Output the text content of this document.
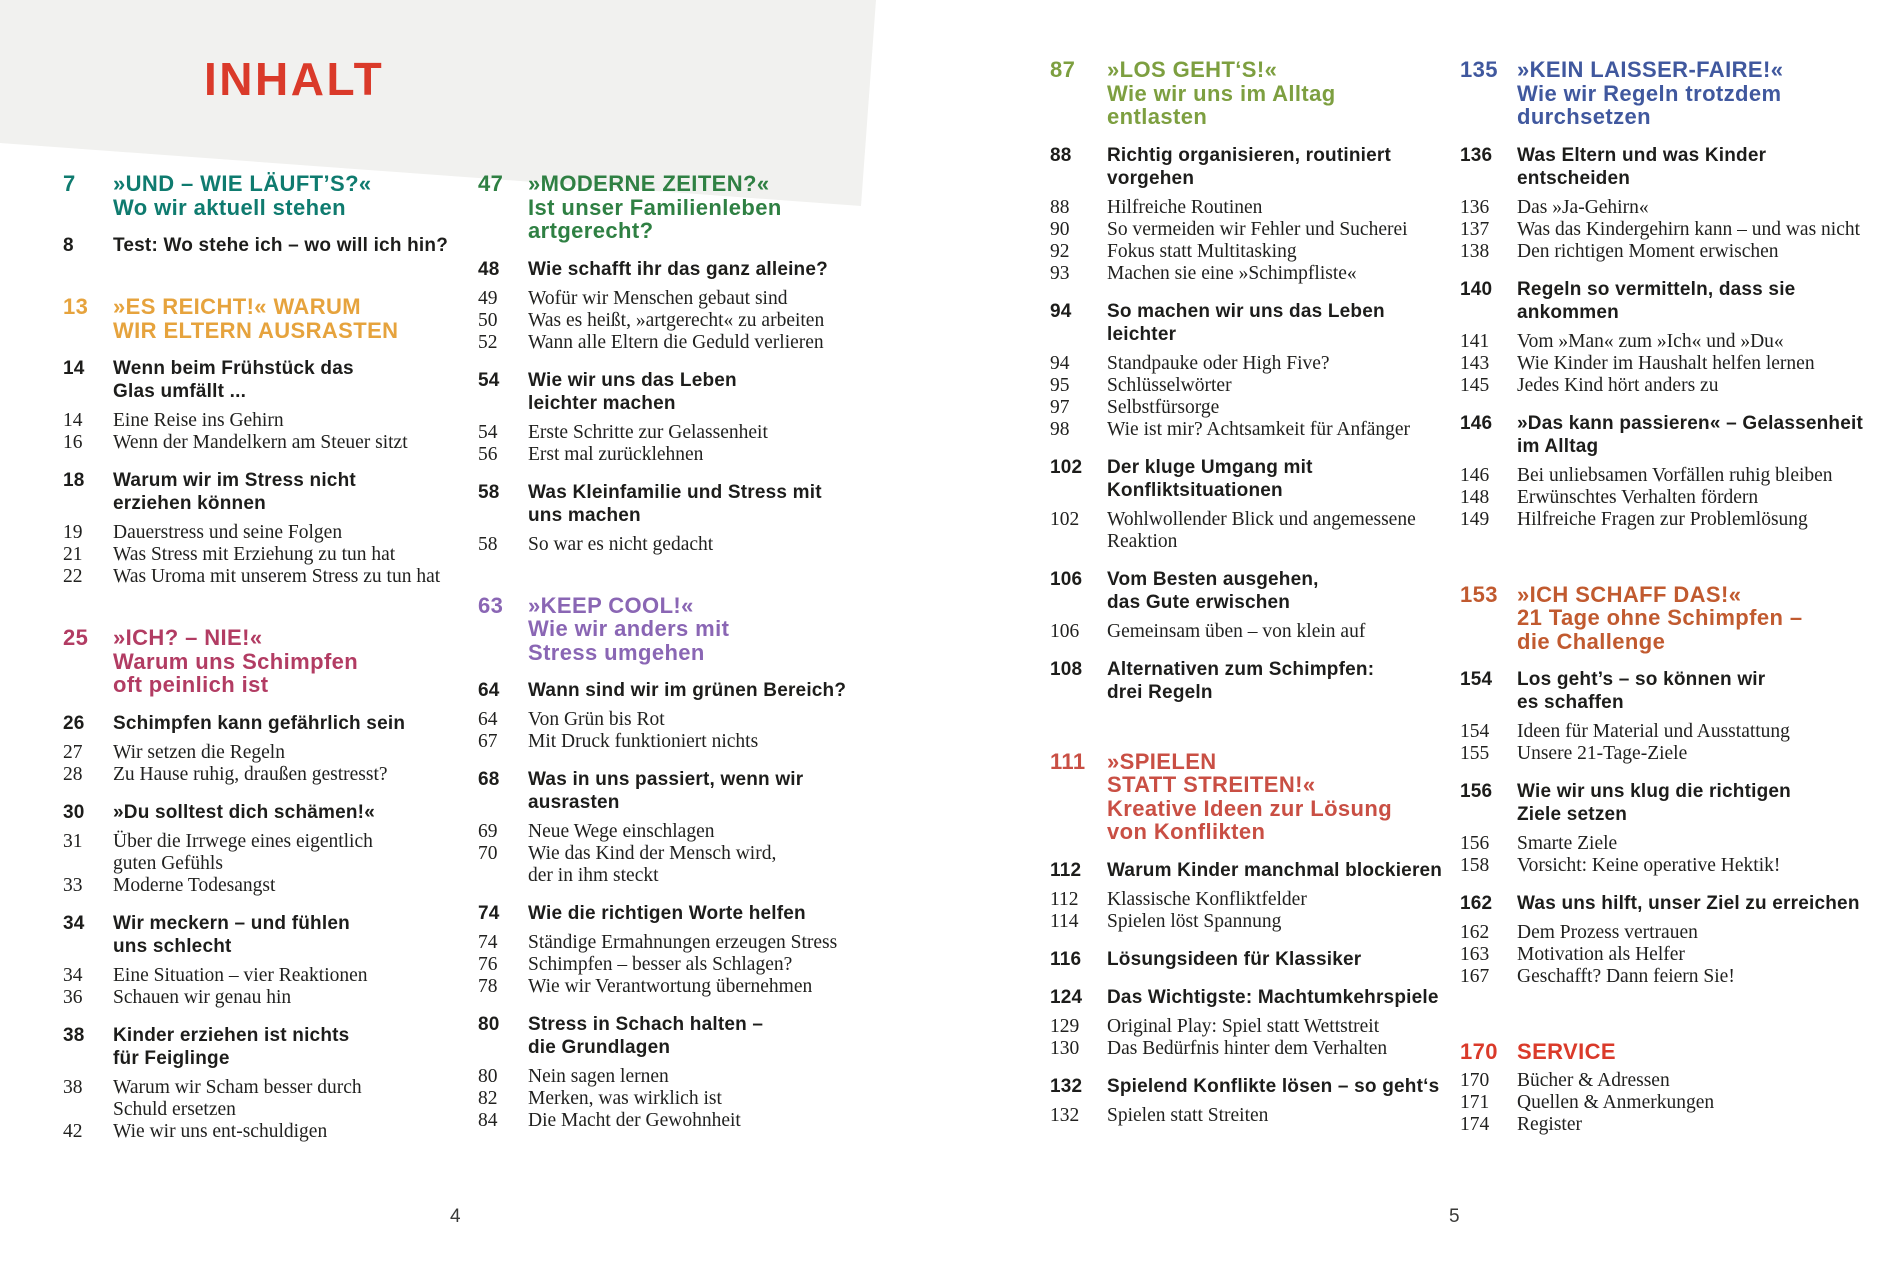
INHALT
7	»UND – WIE LÄUFT’S?«
Wo wir aktuell stehen
8	Test: Wo stehe ich – wo will ich hin?
13	»ES REICHT!« WARUM
WIR ELTERN AUSRASTEN
14	Wenn beim Frühstück das
Glas umfällt ...
14	Eine Reise ins Gehirn
16	Wenn der Mandelkern am Steuer sitzt
18	Warum wir im Stress nicht
erziehen können
19	Dauerstress und seine Folgen
21	Was Stress mit Erziehung zu tun hat
22	Was Uroma mit unserem Stress zu tun hat
25	»ICH? – NIE!«
Warum uns Schimpfen
oft peinlich ist
26	Schimpfen kann gefährlich sein
27	Wir setzen die Regeln
28	Zu Hause ruhig, draußen gestresst?
30	»Du solltest dich schämen!«
31	Über die Irrwege eines eigentlich
guten Gefühls
33	Moderne Todesangst
34	Wir meckern – und fühlen
uns schlecht
34	Eine Situation – vier Reaktionen
36	Schauen wir genau hin
38	Kinder erziehen ist nichts
für Feiglinge
38	Warum wir Scham besser durch
Schuld ersetzen
42	Wie wir uns ent-schuldigen
47	»MODERNE ZEITEN?«
Ist unser Familienleben
artgerecht?
48	Wie schafft ihr das ganz alleine?
49	Wofür wir Menschen gebaut sind
50	Was es heißt, »artgerecht« zu arbeiten
52	Wann alle Eltern die Geduld verlieren
54	Wie wir uns das Leben
leichter machen
54	Erste Schritte zur Gelassenheit
56	Erst mal zurücklehnen
58	Was Kleinfamilie und Stress mit
uns machen
58	So war es nicht gedacht
63	»KEEP COOL!«
Wie wir anders mit
Stress umgehen
64	Wann sind wir im grünen Bereich?
64	Von Grün bis Rot
67	Mit Druck funktioniert nichts
68	Was in uns passiert, wenn wir
ausrasten
69	Neue Wege einschlagen
70	Wie das Kind der Mensch wird,
der in ihm steckt
74	Wie die richtigen Worte helfen
74	Ständige Ermahnungen erzeugen Stress
76	Schimpfen – besser als Schlagen?
78	Wie wir Verantwortung übernehmen
80	Stress in Schach halten –
die Grundlagen
80	Nein sagen lernen
82	Merken, was wirklich ist
84	Die Macht der Gewohnheit
87	»LOS GEHT‘S!«
Wie wir uns im Alltag
entlasten
88	Richtig organisieren, routiniert
vorgehen
88	Hilfreiche Routinen
90	So vermeiden wir Fehler und Sucherei
92	Fokus statt Multitasking
93	Machen sie eine »Schimpfliste«
94	So machen wir uns das Leben
leichter
94	Standpauke oder High Five?
95	Schlüsselwörter
97	Selbstfürsorge
98	Wie ist mir? Achtsamkeit für Anfänger
102	Der kluge Umgang mit
Konfliktsituationen
102	Wohlwollender Blick und angemessene
Reaktion
106	Vom Besten ausgehen,
das Gute erwischen
106	Gemeinsam üben – von klein auf
108	Alternativen zum Schimpfen:
drei Regeln
111 »SPIELEN
STATT STREITEN!«
Kreative Ideen zur Lösung
von Konflikten
112	Warum Kinder manchmal blockieren
112	Klassische Konfliktfelder
114	Spielen löst Spannung
116	Lösungsideen für Klassiker
124	Das Wichtigste: Machtumkehrspiele
129	Original Play: Spiel statt Wettstreit
130	Das Bedürfnis hinter dem Verhalten
132	Spielend Konflikte lösen – so geht‘s
132	Spielen statt Streiten
135 »KEIN LAISSER-FAIRE!«
Wie wir Regeln trotzdem
durchsetzen
136	Was Eltern und was Kinder
entscheiden
136	Das »Ja-Gehirn«
137	Was das Kindergehirn kann – und was nicht
138	Den richtigen Moment erwischen
140	Regeln so vermitteln, dass sie
ankommen
141	Vom »Man« zum »Ich« und »Du«
143	Wie Kinder im Haushalt helfen lernen
145	Jedes Kind hört anders zu
146	»Das kann passieren« – Gelassenheit
im Alltag
146	Bei unliebsamen Vorfällen ruhig bleiben
148	Erwünschtes Verhalten fördern
149	Hilfreiche Fragen zur Problemlösung
153 »ICH SCHAFF DAS!«
21 Tage ohne Schimpfen –
die Challenge
154	Los geht’s – so können wir
es schaffen
154	Ideen für Material und Ausstattung
155	Unsere 21-Tage-Ziele
156	Wie wir uns klug die richtigen
Ziele setzen
156	Smarte Ziele
158	Vorsicht: Keine operative Hektik!
162	Was uns hilft, unser Ziel zu erreichen
162	Dem Prozess vertrauen
163	Motivation als Helfer
167	Geschafft? Dann feiern Sie!
170 SERVICE
170	Bücher & Adressen
171	Quellen & Anmerkungen
174	Register
4	5
